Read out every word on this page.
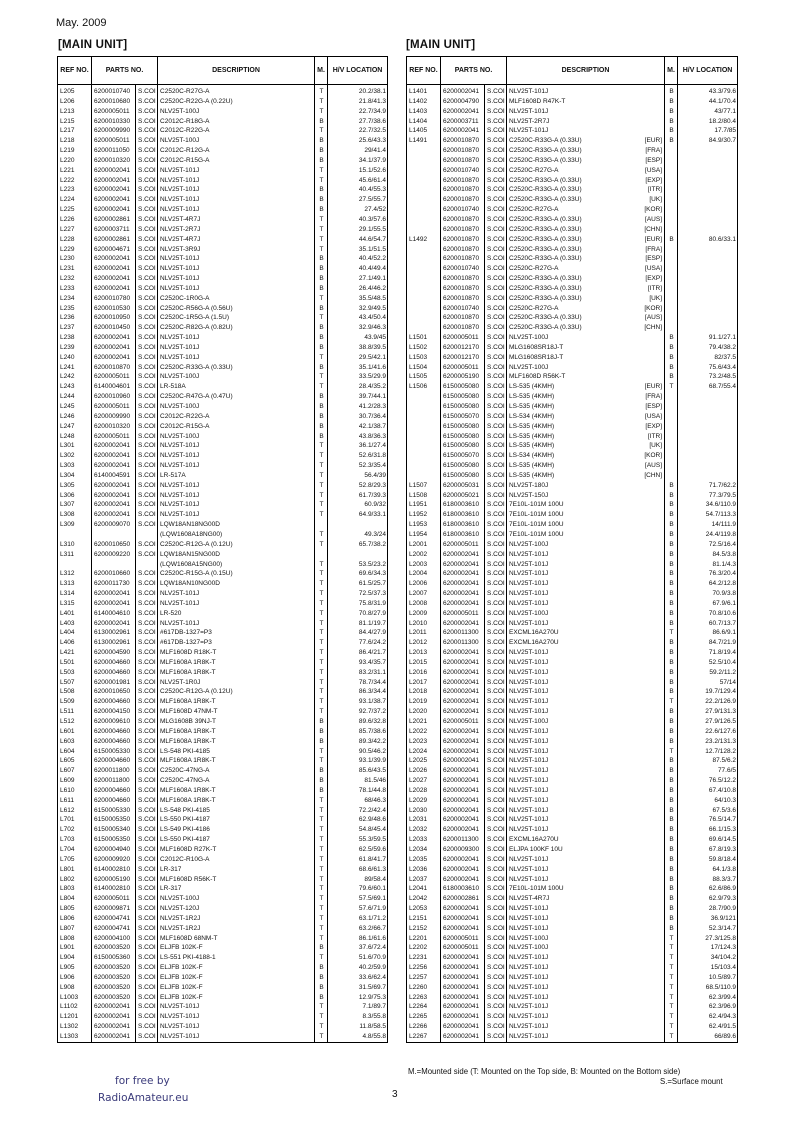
May. 2009
[MAIN UNIT]	[MAIN UNIT]
REF NO.	PARTS NO.		DESCRIPTION	M.	H/V LOCATION
L205	6200010740	S.COI	C2520C-R27G-A	T	20.2/38.1
L206	6200010680	S.COI	C2520C-R22G-A (0.22U)	T	21.8/41.3
L213	6200005011	S.COI	NLV25T-100J	T	22.7/34.9
L215	6200010330	S.COI	C2012C-R18G-A	B	27.7/38.6
L217	6200009990	S.COI	C2012C-R22G-A	T	22.7/32.5
L218	6200005011	S.COI	NLV25T-100J	B	25.6/43.3
L219	6200011050	S.COI	C2012C-R12G-A	B	29/41.4
L220	6200010320	S.COI	C2012C-R15G-A	B	34.1/37.9
L221	6200002041	S.COI	NLV25T-101J	T	15.1/52.6
L222	6200002041	S.COI	NLV25T-101J	T	45.6/61.4
L223	6200002041	S.COI	NLV25T-101J	B	40.4/55.3
L224	6200002041	S.COI	NLV25T-101J	B	27.5/55.7
L225	6200002041	S.COI	NLV25T-101J	B	27.4/52
L226	6200002861	S.COI	NLV25T-4R7J	T	40.3/57.6
L227	6200003711	S.COI	NLV25T-2R7J	T	29.1/55.5
L228	6200002861	S.COI	NLV25T-4R7J	T	44.6/54.7
L229	6200004671	S.COI	NLV25T-3R9J	T	35.1/51.5
L230	6200002041	S.COI	NLV25T-101J	B	40.4/52.2
L231	6200002041	S.COI	NLV25T-101J	B	40.4/49.4
L232	6200002041	S.COI	NLV25T-101J	B	27.1/49.1
L233	6200002041	S.COI	NLV25T-101J	B	26.4/46.2
L234	6200010780	S.COI	C2520C-1R0G-A	T	35.5/48.5
L235	6200010530	S.COI	C2520C-R56G-A (0.56U)	B	32.9/49.5
L236	6200010950	S.COI	C2520C-1R5G-A (1.5U)	T	43.4/50.4
L237	6200010450	S.COI	C2520C-R82G-A (0.82U)	B	32.9/46.3
L238	6200002041	S.COI	NLV25T-101J	B	43.9/45
L239	6200002041	S.COI	NLV25T-101J	B	38.8/39.5
L240	6200002041	S.COI	NLV25T-101J	T	29.5/42.1
L241	6200010870	S.COI	C2520C-R33G-A (0.33U)	B	35.1/41.6
L242	6200005011	S.COI	NLV25T-100J	T	33.5/29.9
L243	6140004601	S.COI	LR-518A	T	28.4/35.2
L244	6200010960	S.COI	C2520C-R47G-A (0.47U)	B	39.7/44.1
L245	6200005011	S.COI	NLV25T-100J	B	41.2/28.3
L246	6200009990	S.COI	C2012C-R22G-A	B	30.7/36.4
L247	6200010320	S.COI	C2012C-R15G-A	B	42.1/38.7
L248	6200005011	S.COI	NLV25T-100J	B	43.8/36.3
L301	6200002041	S.COI	NLV25T-101J	T	36.1/27.4
L302	6200002041	S.COI	NLV25T-101J	T	52.6/31.8
L303	6200002041	S.COI	NLV25T-101J	T	52.3/35.4
L304	6140004591	S.COI	LR-517A	T	56.4/39
L305	6200002041	S.COI	NLV25T-101J	T	52.8/29.3
L306	6200002041	S.COI	NLV25T-101J	T	61.7/39.3
L307	6200002041	S.COI	NLV25T-101J	T	60.9/32
L308	6200002041	S.COI	NLV25T-101J	T	64.9/33.1
L309	6200009070	S.COI	LQW18AN18NG00D

			(LQW1608A18NG00)	T	49.3/24
L310	6200010650	S.COI	C2520C-R12G-A (0.12U)	T	65.7/38.2
L311	6200009220	S.COI	LQW18AN15NG00D

			(LQW1608A15NG00)	T	53.5/23.2
L312	6200010660	S.COI	C2520C-R15G-A (0.15U)	T	69.6/34.3
L313	6200011730	S.COI	LQW18AN10NG00D	T	61.5/25.7
L314	6200002041	S.COI	NLV25T-101J	T	72.5/37.3
L315	6200002041	S.COI	NLV25T-101J	T	75.8/31.9
L401	6140004610	S.COI	LR-520	T	70.8/27.9
L403	6200002041	S.COI	NLV25T-101J	T	81.1/19.7
L404	6130002961	S.COI	#617DB-1327=P3	T	84.4/27.9
L406	6130002961	S.COI	#617DB-1327=P3	T	77.6/24.2
L421	6200004590	S.COI	MLF1608D R18K-T	T	86.4/21.7
L501	6200004660	S.COI	MLF1608A 1R8K-T	T	93.4/35.7
L503	6200004660	S.COI	MLF1608A 1R8K-T	T	83.2/31.1
L507	6200001981	S.COI	NLV25T-1R0J	T	78.7/34.4
L508	6200010650	S.COI	C2520C-R12G-A (0.12U)	T	86.3/34.4
L509	6200004660	S.COI	MLF1608A 1R8K-T	T	93.1/38.7
L511	6200004150	S.COI	MLF1608D 47NM-T	T	92.7/37.2
L512	6200009610	S.COI	MLG1608B 39NJ-T	B	89.6/32.8
L601	6200004660	S.COI	MLF1608A 1R8K-T	B	85.7/38.6
L603	6200004660	S.COI	MLF1608A 1R8K-T	B	89.3/42.2
L604	6150005330	S.COI	LS-548 PKI-4185	T	90.5/46.2
L605	6200004660	S.COI	MLF1608A 1R8K-T	T	93.1/39.9
L607	6200011800	S.COI	C2520C-47NG-A	B	85.6/43.5
L609	6200011800	S.COI	C2520C-47NG-A	B	81.5/46
L610	6200004660	S.COI	MLF1608A 1R8K-T	B	78.1/44.8
L611	6200004660	S.COI	MLF1608A 1R8K-T	T	68/46.3
L612	6150005330	S.COI	LS-548 PKI-4185	T	72.2/42.4
L701	6150005350	S.COI	LS-550 PKI-4187	T	62.9/48.6
L702	6150005340	S.COI	LS-549 PKI-4186	T	54.8/45.4
L703	6150005350	S.COI	LS-550 PKI-4187	T	55.3/59.5
L704	6200004940	S.COI	MLF1608D R27K-T	T	62.5/59.6
L705	6200009920	S.COI	C2012C-R10G-A	T	61.8/41.7
L801	6140002810	S.COI	LR-317	T	68.6/61.3
L802	6200005190	S.COI	MLF1608D R56K-T	T	89/58.4
L803	6140002810	S.COI	LR-317	T	79.6/60.1
L804	6200005011	S.COI	NLV25T-100J	T	57.5/69.1
L805	6200009871	S.COI	NLV25T-120J	T	57.6/71.9
L806	6200004741	S.COI	NLV25T-1R2J	T	63.1/71.2
L807	6200004741	S.COI	NLV25T-1R2J	T	63.2/66.7
L808	6200004100	S.COI	MLF1608D 68NM-T	T	86.1/61.6
L901	6200003520	S.COI	ELJFB 102K-F	B	37.6/72.4
L904	6150005360	S.COI	LS-551 PKI-4188-1	T	51.6/70.9
L905	6200003520	S.COI	ELJFB 102K-F	B	40.2/59.9
L906	6200003520	S.COI	ELJFB 102K-F	B	33.6/62.4
L908	6200003520	S.COI	ELJFB 102K-F	B	31.5/69.7
L1003	6200003520	S.COI	ELJFB 102K-F	B	12.9/75.3
L1102	6200002041	S.COI	NLV25T-101J	T	7.1/89.7
L1201	6200002041	S.COI	NLV25T-101J	T	8.3/55.8
L1302	6200002041	S.COI	NLV25T-101J	T	11.8/58.5
L1303	6200002041	S.COI	NLV25T-101J	T	4.8/55.8
REF NO.	PARTS NO.		DESCRIPTION	M.	H/V LOCATION
L1401	6200002041	S.COI	NLV25T-101J	B	43.3/79.6
L1402	6200004790	S.COI	MLF1608D R47K-T	B	44.1/70.4
L1403	6200002041	S.COI	NLV25T-101J	B	43/77.1
L1404	6200003711	S.COI	NLV25T-2R7J	B	18.2/80.4
L1405	6200002041	S.COI	NLV25T-101J	B	17.7/85
L1491	6200010870	S.COI	C2520C-R33G-A (0.33U) [EUR]	B	84.9/30.7
	6200010870	S.COI	C2520C-R33G-A (0.33U) [FRA]		

	6200010870	S.COI	C2520C-R33G-A (0.33U) [ESP]		

	6200010740	S.COI	C2520C-R27G-A [USA]		

	6200010870	S.COI	C2520C-R33G-A (0.33U) [EXP]		

	6200010870	S.COI	C2520C-R33G-A (0.33U) [ITR]		

	6200010870	S.COI	C2520C-R33G-A (0.33U) [UK]		

	6200010740	S.COI	C2520C-R27G-A [KOR]		

	6200010870	S.COI	C2520C-R33G-A (0.33U) [AUS]		

	6200010870	S.COI	C2520C-R33G-A (0.33U) [CHN]		

L1492	6200010870	S.COI	C2520C-R33G-A (0.33U) [EUR]	B	80.6/33.1
	6200010870	S.COI	C2520C-R33G-A (0.33U) [FRA]		

	6200010870	S.COI	C2520C-R33G-A (0.33U) [ESP]		

	6200010740	S.COI	C2520C-R27G-A [USA]		

	6200010870	S.COI	C2520C-R33G-A (0.33U) [EXP]		

	6200010870	S.COI	C2520C-R33G-A (0.33U) [ITR]		

	6200010870	S.COI	C2520C-R33G-A (0.33U) [UK]		

	6200010740	S.COI	C2520C-R27G-A [KOR]		

	6200010870	S.COI	C2520C-R33G-A (0.33U) [AUS]		

	6200010870	S.COI	C2520C-R33G-A (0.33U) [CHN]		

L1501	6200005011	S.COI	NLV25T-100J	B	91.1/27.1
L1502	6200012170	S.COI	MLG1608SR18J-T	B	79.4/38.2
L1503	6200012170	S.COI	MLG1608SR18J-T	B	82/37.5
L1504	6200005011	S.COI	NLV25T-100J	B	75.6/43.4
L1505	6200005190	S.COI	MLF1608D R56K-T	B	73.2/48.5
L1506	6150005080	S.COI	LS-535 (4KMH) [EUR]	T	68.7/55.4
	6150005080	S.COI	LS-535 (4KMH) [FRA]		

	6150005080	S.COI	LS-535 (4KMH) [ESP]		

	6150005070	S.COI	LS-534 (4KMH) [USA]		

	6150005080	S.COI	LS-535 (4KMH) [EXP]		

	6150005080	S.COI	LS-535 (4KMH) [ITR]		

	6150005080	S.COI	LS-535 (4KMH) [UK]		

	6150005070	S.COI	LS-534 (4KMH) [KOR]		

	6150005080	S.COI	LS-535 (4KMH) [AUS]		

	6150005080	S.COI	LS-535 (4KMH) [CHN]		

L1507	6200005031	S.COI	NLV25T-180J	B	71.7/62.2
L1508	6200005021	S.COI	NLV25T-150J	B	77.3/79.5
L1951	6180003610	S.COI	7E10L-101M 100U	B	34.6/110.9
L1952	6180003610	S.COI	7E10L-101M 100U	B	54.7/113.3
L1953	6180003610	S.COI	7E10L-101M 100U	B	14/111.9
L1954	6180003610	S.COI	7E10L-101M 100U	B	24.4/119.8
L2001	6200005011	S.COI	NLV25T-100J	B	72.5/16.4
L2002	6200002041	S.COI	NLV25T-101J	B	84.5/3.8
L2003	6200002041	S.COI	NLV25T-101J	B	81.1/4.3
L2004	6200002041	S.COI	NLV25T-101J	B	76.3/20.4
L2006	6200002041	S.COI	NLV25T-101J	B	64.2/12.8
L2007	6200002041	S.COI	NLV25T-101J	B	70.9/3.8
L2008	6200002041	S.COI	NLV25T-101J	B	67.9/6.1
L2009	6200005011	S.COI	NLV25T-100J	B	70.8/10.6
L2010	6200002041	S.COI	NLV25T-101J	B	60.7/13.7
L2011	6200011300	S.COI	EXCML16A270U	T	86.6/9.1
L2012	6200011300	S.COI	EXCML16A270U	B	84.7/21.9
L2013	6200002041	S.COI	NLV25T-101J	B	71.8/19.4
L2015	6200002041	S.COI	NLV25T-101J	B	52.5/10.4
L2016	6200002041	S.COI	NLV25T-101J	B	59.2/11.2
L2017	6200002041	S.COI	NLV25T-101J	B	57/14
L2018	6200002041	S.COI	NLV25T-101J	B	19.7/129.4
L2019	6200002041	S.COI	NLV25T-101J	T	22.2/126.9
L2020	6200002041	S.COI	NLV25T-101J	B	27.9/131.3
L2021	6200005011	S.COI	NLV25T-100J	B	27.9/126.5
L2022	6200002041	S.COI	NLV25T-101J	B	22.6/127.6
L2023	6200002041	S.COI	NLV25T-101J	B	23.2/131.3
L2024	6200002041	S.COI	NLV25T-101J	T	12.7/128.2
L2025	6200002041	S.COI	NLV25T-101J	B	87.5/6.2
L2026	6200002041	S.COI	NLV25T-101J	B	77.6/5
L2027	6200002041	S.COI	NLV25T-101J	B	76.5/12.2
L2028	6200002041	S.COI	NLV25T-101J	B	67.4/10.8
L2029	6200002041	S.COI	NLV25T-101J	B	64/10.3
L2030	6200002041	S.COI	NLV25T-101J	B	67.5/3.6
L2031	6200002041	S.COI	NLV25T-101J	B	76.5/14.7
L2032	6200002041	S.COI	NLV25T-101J	B	66.1/15.3
L2033	6200011300	S.COI	EXCML16A270U	B	69.6/14.5
L2034	6200009300	S.COI	ELJPA 100KF 10U	B	67.8/19.3
L2035	6200002041	S.COI	NLV25T-101J	B	59.8/18.4
L2036	6200002041	S.COI	NLV25T-101J	B	64.1/3.8
L2037	6200002041	S.COI	NLV25T-101J	B	88.3/3.7
L2041	6180003610	S.COI	7E10L-101M 100U	B	62.6/86.9
L2042	6200002861	S.COI	NLV25T-4R7J	B	62.9/79.3
L2053	6200002041	S.COI	NLV25T-101J	B	28.7/90.9
L2151	6200002041	S.COI	NLV25T-101J	B	36.9/121
L2152	6200002041	S.COI	NLV25T-101J	B	52.3/14.7
L2201	6200005011	S.COI	NLV25T-100J	T	27.3/125.8
L2202	6200005011	S.COI	NLV25T-100J	T	17/124.3
L2231	6200002041	S.COI	NLV25T-101J	T	34/104.2
L2256	6200002041	S.COI	NLV25T-101J	T	15/103.4
L2257	6200002041	S.COI	NLV25T-101J	T	10.5/89.7
L2260	6200002041	S.COI	NLV25T-101J	T	68.5/110.9
L2263	6200002041	S.COI	NLV25T-101J	T	62.3/99.4
L2264	6200002041	S.COI	NLV25T-101J	T	62.3/96.9
L2265	6200002041	S.COI	NLV25T-101J	T	62.4/94.3
L2266	6200002041	S.COI	NLV25T-101J	T	62.4/91.5
L2267	6200002041	S.COI	NLV25T-101J	T	66/89.6
M.=Mounted side (T: Mounted on the Top side, B: Mounted on the Bottom side)
S.=Surface mount
3
for free by
RadioAmateur.eu
